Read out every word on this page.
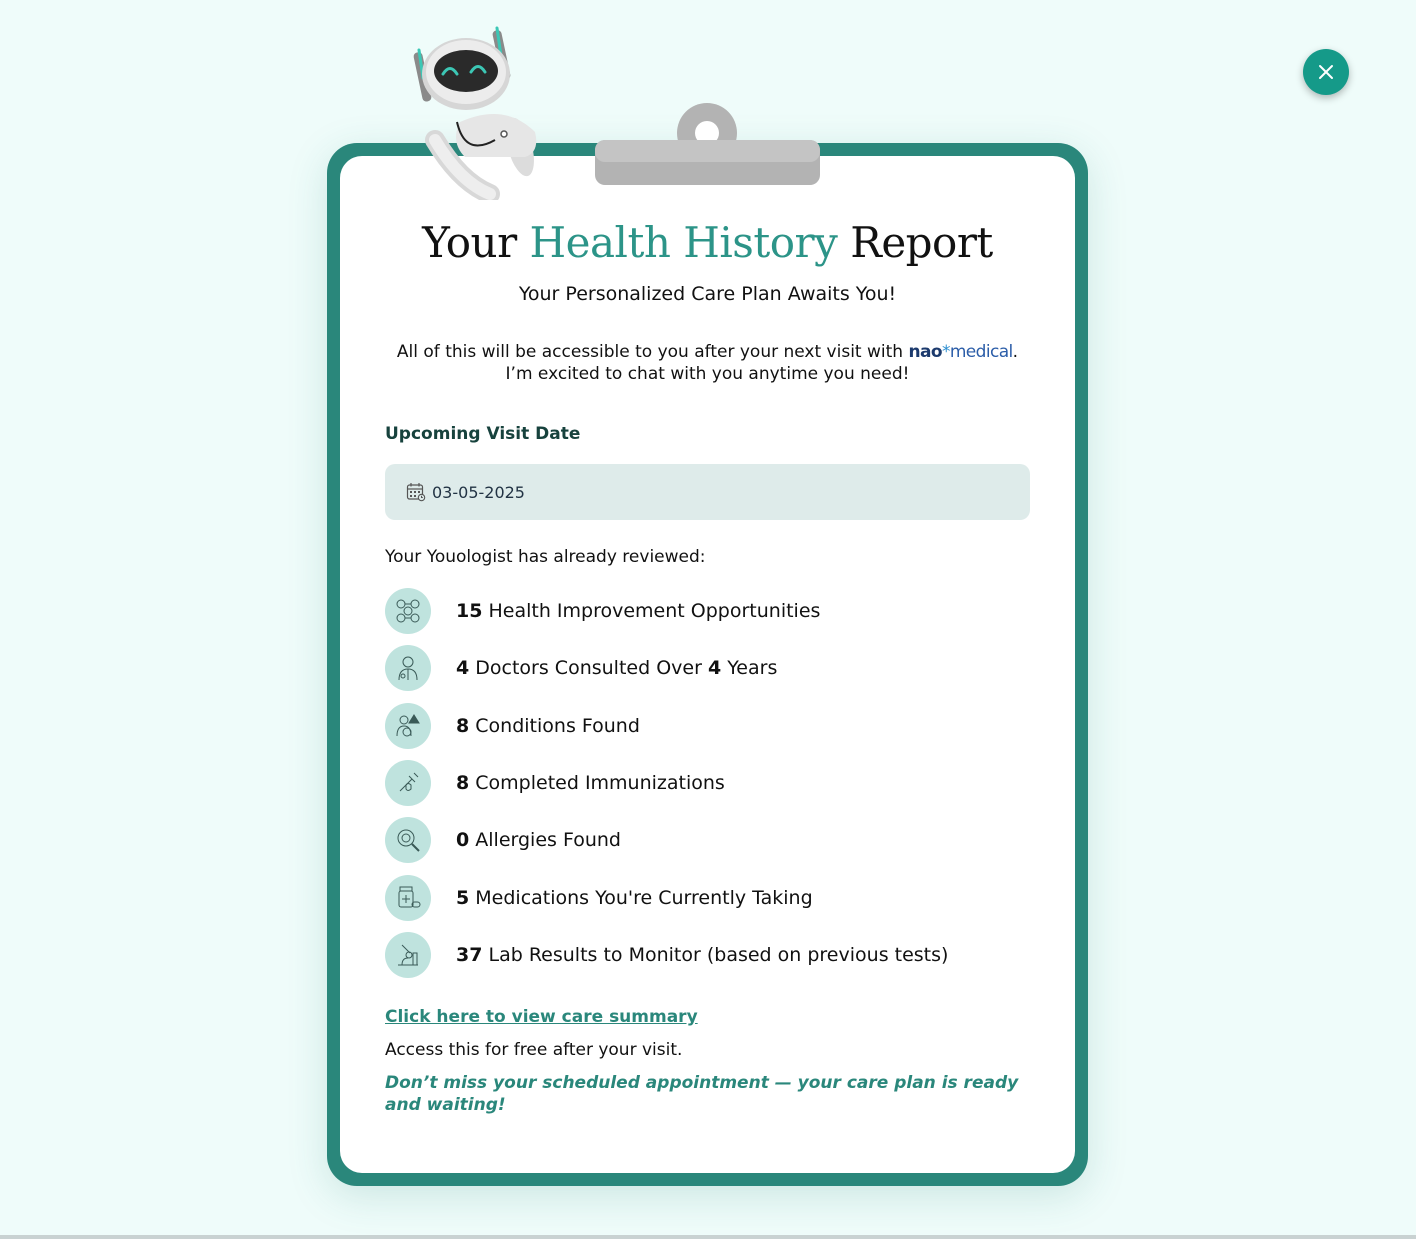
Your Health History Report
Your Personalized Care Plan Awaits You!
All of this will be accessible to you after your next visit with nao*medical.
I’m excited to chat with you anytime you need!
Upcoming Visit Date
03-05-2025
Your Youologist has already reviewed:
15 Health Improvement Opportunities
4 Doctors Consulted Over 4 Years
8 Conditions Found
8 Completed Immunizations
0 Allergies Found
5 Medications You're Currently Taking
37 Lab Results to Monitor (based on previous tests)
Click here to view care summary
Access this for free after your visit.
Don’t miss your scheduled appointment — your care plan is ready and waiting!
